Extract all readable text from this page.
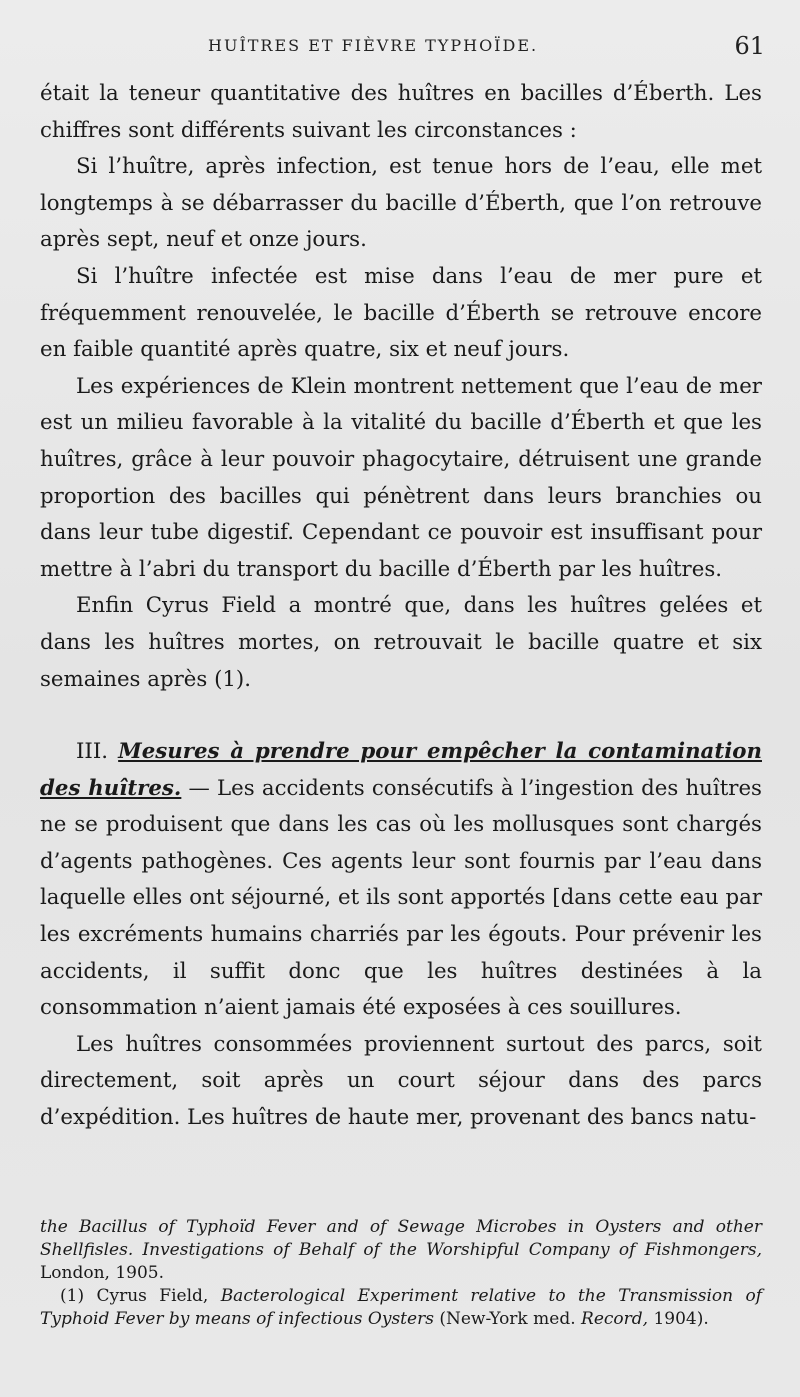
HUÎTRES ET FIÈVRE TYPHOÏDE.	61

était la teneur quantitative des huîtres en bacilles d’Éberth. Les chiffres sont différents suivant les circonstances :

Si l’huître, après infection, est tenue hors de l’eau, elle met longtemps à se débarrasser du bacille d’Éberth, que l’on retrouve après sept, neuf et onze jours.

Si l’huître infectée est mise dans l’eau de mer pure et fréquemment renouvelée, le bacille d’Éberth se retrouve encore en faible quantité après quatre, six et neuf jours.

Les expériences de Klein montrent nettement que l’eau de mer est un milieu favorable à la vitalité du bacille d’Éberth et que les huîtres, grâce à leur pouvoir phagocytaire, détruisent une grande proportion des bacilles qui pénètrent dans leurs branchies ou dans leur tube digestif. Cependant ce pouvoir est insuffisant pour mettre à l’abri du transport du bacille d’Éberth par les huîtres.

Enfin Cyrus Field a montré que, dans les huîtres gelées et dans les huîtres mortes, on retrouvait le bacille quatre et six semaines après (1).

III. Mesures à prendre pour empêcher la contamination des huîtres. — Les accidents consécutifs à l’ingestion des huîtres ne se produisent que dans les cas où les mollusques sont chargés d’agents pathogènes. Ces agents leur sont fournis par l’eau dans laquelle elles ont séjourné, et ils sont apportés [dans cette eau par les excréments humains charriés par les égouts. Pour prévenir les accidents, il suffit donc que les huîtres destinées à la consommation n’aient jamais été exposées à ces souillures.

Les huîtres consommées proviennent surtout des parcs, soit directement, soit après un court séjour dans des parcs d’expédition. Les huîtres de haute mer, provenant des bancs natu-

the Bacillus of Typhoïd Fever and of Sewage Microbes in Oysters and other Shellfisles. Investigations of Behalf of the Worshipful Company of Fishmongers, London, 1905.

(1) Cyrus Field, Bacterological Experiment relative to the Transmission of Typhoid Fever by means of infectious Oysters (New-York med. Record, 1904).
